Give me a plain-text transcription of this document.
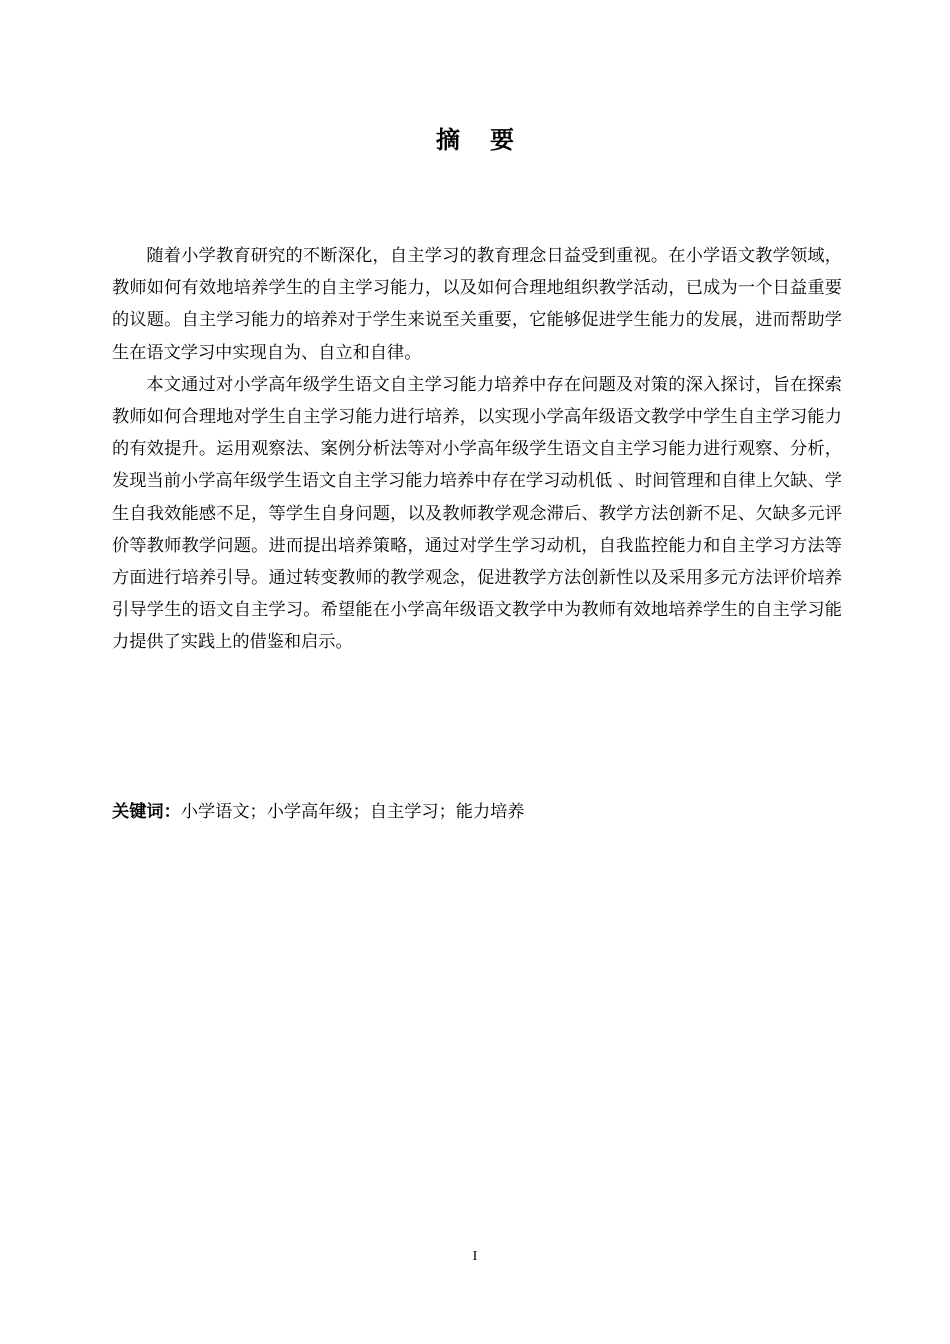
摘要

随着小学教育研究的不断深化，自主学习的教育理念日益受到重视。在小学语文教学领域，教师如何有效地培养学生的自主学习能力，以及如何合理地组织教学活动，已成为一个日益重要的议题。自主学习能力的培养对于学生来说至关重要，它能够促进学生能力的发展，进而帮助学生在语文学习中实现自为、自立和自律。

本文通过对小学高年级学生语文自主学习能力培养中存在问题及对策的深入探讨，旨在探索教师如何合理地对学生自主学习能力进行培养，以实现小学高年级语文教学中学生自主学习能力的有效提升。运用观察法、案例分析法等对小学高年级学生语文自主学习能力进行观察、分析，发现当前小学高年级学生语文自主学习能力培养中存在学习动机低 、时间管理和自律上欠缺、学生自我效能感不足，等学生自身问题，以及教师教学观念滞后、教学方法创新不足、欠缺多元评价等教师教学问题。进而提出培养策略，通过对学生学习动机，自我监控能力和自主学习方法等方面进行培养引导。通过转变教师的教学观念，促进教学方法创新性以及采用多元方法评价培养引导学生的语文自主学习。希望能在小学高年级语文教学中为教师有效地培养学生的自主学习能力提供了实践上的借鉴和启示。

关键词：小学语文；小学高年级；自主学习；能力培养
I
